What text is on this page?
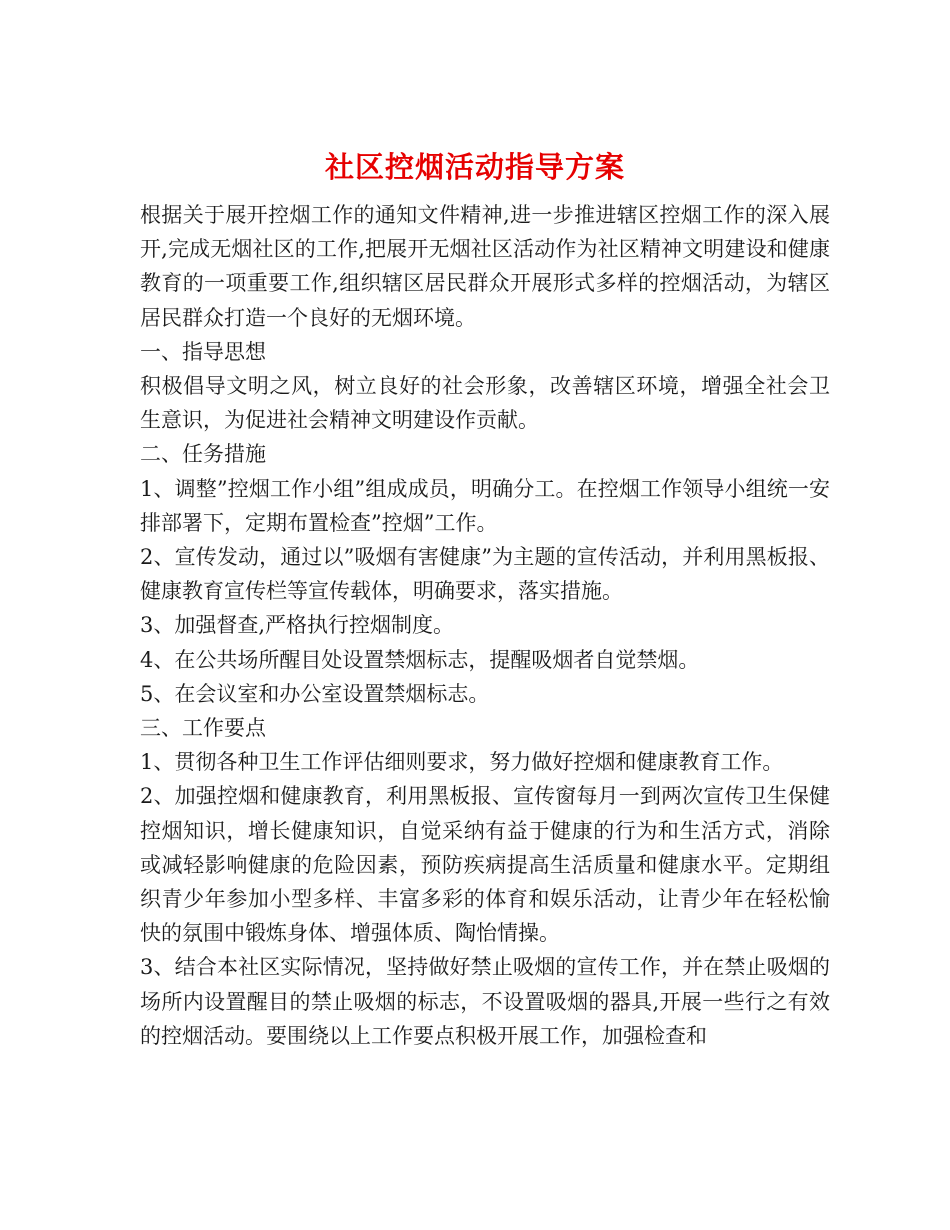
社区控烟活动指导方案

根据关于展开控烟工作的通知文件精神,进一步推进辖区控烟工作的深入展开,完成无烟社区的工作,把展开无烟社区活动作为社区精神文明建设和健康教育的一项重要工作,组织辖区居民群众开展形式多样的控烟活动，为辖区居民群众打造一个良好的无烟环境。

一、指导思想

积极倡导文明之风，树立良好的社会形象，改善辖区环境，增强全社会卫生意识，为促进社会精神文明建设作贡献。

二、任务措施

1、调整”控烟工作小组”组成成员，明确分工。在控烟工作领导小组统一安排部署下，定期布置检查”控烟”工作。

2、宣传发动，通过以”吸烟有害健康”为主题的宣传活动，并利用黑板报、健康教育宣传栏等宣传载体，明确要求，落实措施。

3、加强督查,严格执行控烟制度。

4、在公共场所醒目处设置禁烟标志，提醒吸烟者自觉禁烟。

5、在会议室和办公室设置禁烟标志。

三、工作要点

1、贯彻各种卫生工作评估细则要求，努力做好控烟和健康教育工作。

2、加强控烟和健康教育，利用黑板报、宣传窗每月一到两次宣传卫生保健控烟知识，增长健康知识，自觉采纳有益于健康的行为和生活方式，消除或减轻影响健康的危险因素，预防疾病提高生活质量和健康水平。定期组织青少年参加小型多样、丰富多彩的体育和娱乐活动，让青少年在轻松愉快的氛围中锻炼身体、增强体质、陶怡情操。

3、结合本社区实际情况，坚持做好禁止吸烟的宣传工作，并在禁止吸烟的场所内设置醒目的禁止吸烟的标志，不设置吸烟的器具,开展一些行之有效的控烟活动。要围绕以上工作要点积极开展工作，加强检查和
